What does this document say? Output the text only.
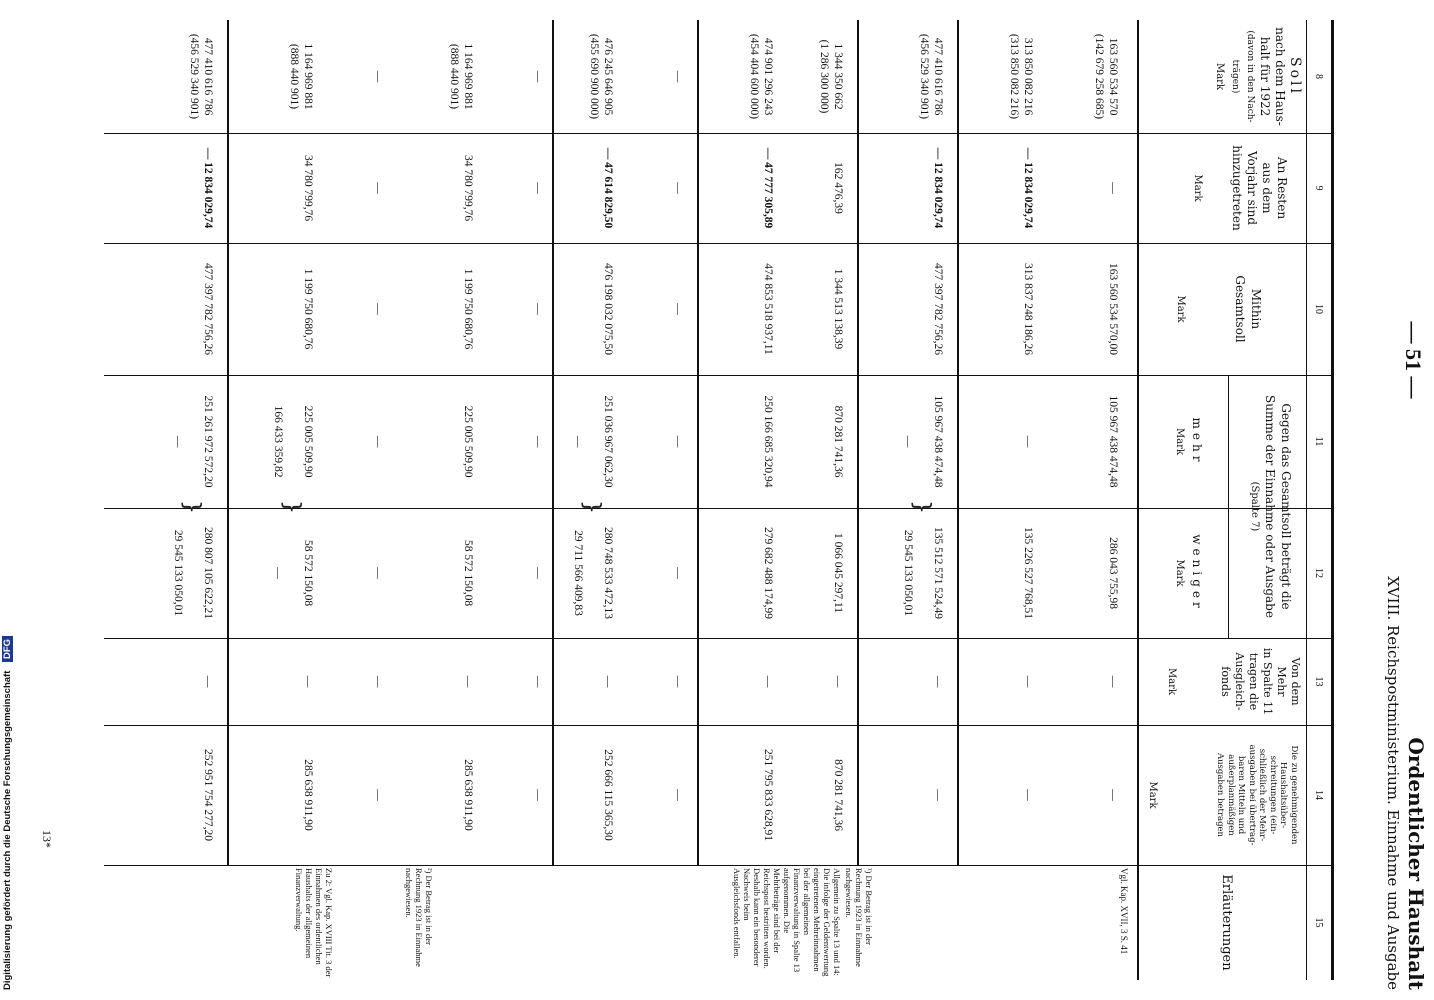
— 51 —
Ordentlicher Haushalt
XVIII. Reichspostministerium. Einnahme und Ausgabe
8
9
10
11
12
13
14
15
Soll
nach dem Haus-
halt für 1922
(davon in den Nach-
trägen)
Mark
An Resten
aus dem
Vorjahr sind
hinzugetreten
Mark
Mithin
Gesamtsoll
Mark
Gegen das Gesamtsoll beträgt die
Summe der Einnahme oder Ausgabe
(Spalte 7)
mehr
Mark
weniger
Mark
Von dem
Mehr
in Spalte 11
tragen die
Ausgleich-
fonds
Mark
Die zu genehmigenden
Haushaltsüber-
schreitungen (ein-
schließlich der Mehr-
ausgaben bei übertrag-
baren Mitteln und
außerplanmäßigen
Ausgaben betragen
Mark
Erläuterungen
163 560 534 570
(142 679 258 685)
—
163 560 534 570,00
105 967 438 474,48
286 043 755,98
—
—
313 850 082 216
(313 850 082 216)
— 12 834 029,74
313 837 248 186,26
—
135 226 527 768,51
—
—
477 410 616 786
(456 529 340 901)
— 12 834 029,74
477 397 782 756,26
105 967 438 474,48
135 512 571 524,49
—
—
—
29 545 133 050,01
}
1 344 350 662
(1 286 300 000)
162 476,39
1 344 513 138,39
870 281 741,36
1 066 045 297,11
—
870 281 741,36
474 901 296 243
(454 404 600 000)
— 47 777 305,89
474 853 518 937,11
250 166 685 320,94
279 682 488 174,99
—
251 795 833 628,91
—
—
—
—
—
—
—
476 245 646 905
(455 690 900 000)
— 47 614 829,50
476 198 032 075,50
251 036 967 062,30
280 748 533 472,13
—
252 666 115 365,30
—
29 711 566 409,83
}
—
—
—
—
—
—
—
1 164 969 881
(888 440 901)
34 780 799,76
1 199 750 680,76
225 005 509,90
58 572 150,08
—
285 638 911,90
—
—
—
—
—
—
—
1 164 969 881
(888 440 901)
34 780 799,76
1 199 750 680,76
225 005 509,90
58 572 150,08
—
285 638 911,90
166 433 359,82
—
}
477 410 616 786
(456 529 340 901)
— 12 834 029,74
477 397 782 756,26
251 261 972 572,20
280 807 105 622,21
—
252 951 754 277,20
—
29 545 133 050,01
}
¹) Der Betrag ist in der Rechnung 1923 in Einnahme nachgewiesen.
Allgemein zu Spalte 13 und 14: Die infolge der Geldentwertung eingetretenen Mehreinnahmen bei der allgemeinen Finanzverwaltung in Spalte 13 aufgenommen. Die Mehrbeträge sind bei der Reichspost bestritten worden. Deshalb kann ein besonderer Nachweis beim Ausgleichsfonds entfallen.
²) Der Betrag ist in der Rechnung 1923 in Einnahme nachgewiesen.
Zu 2: Vgl. Kap. XVIII Tit. 3 der Einnahmen des ordentlichen Haushalts der allgemeinen Finanzverwaltung.	Vgl. Kap. XVII, 3 S. 41
13*
Digitalisierung gefördert durch die Deutsche Forschungsgemeinschaft DFG
